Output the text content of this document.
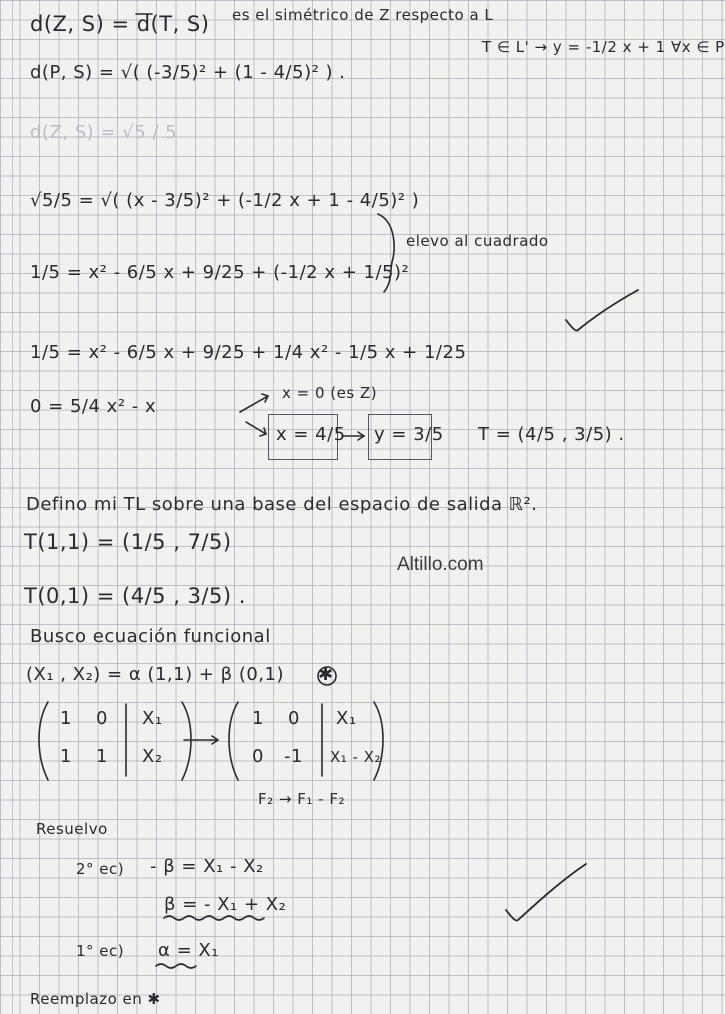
d(Z, S) = d(T, S) es el simétrico de Z respecto a L
T ∈ L' → y = -1/2 x + 1 ∀x ∈ P
d(P, S) = √( (-3/5)² + (1 - 4/5)² ) .
d(Z, S) = √5 / 5
√5/5 = √( (x - 3/5)² + (-1/2 x + 1 - 4/5)² )
elevo al cuadrado
1/5 = x² - 6/5 x + 9/25 + (-1/2 x + 1/5)²
1/5 = x² - 6/5 x + 9/25 + 1/4 x² - 1/5 x + 1/25
0 = 5/4 x² - x
x = 0 (es Z)
x = 4/5 y = 3/5 T = (4/5 , 3/5) .
Defino mi TL sobre una base del espacio de salida ℝ².
T(1,1) = (1/5 , 7/5)
T(0,1) = (4/5 , 3/5) .
Busco ecuación funcional
(X₁ , X₂) = α (1,1) + β (0,1) ✱
1 0 X₁
1 1 X₂
1 0 X₁
0 -1 X₁ - X₂
F₂ → F₁ - F₂
Resuelvo
2° ec) - β = X₁ - X₂
β = - X₁ + X₂
1° ec) α = X₁
Reemplazo en ✱
Altillo.com
